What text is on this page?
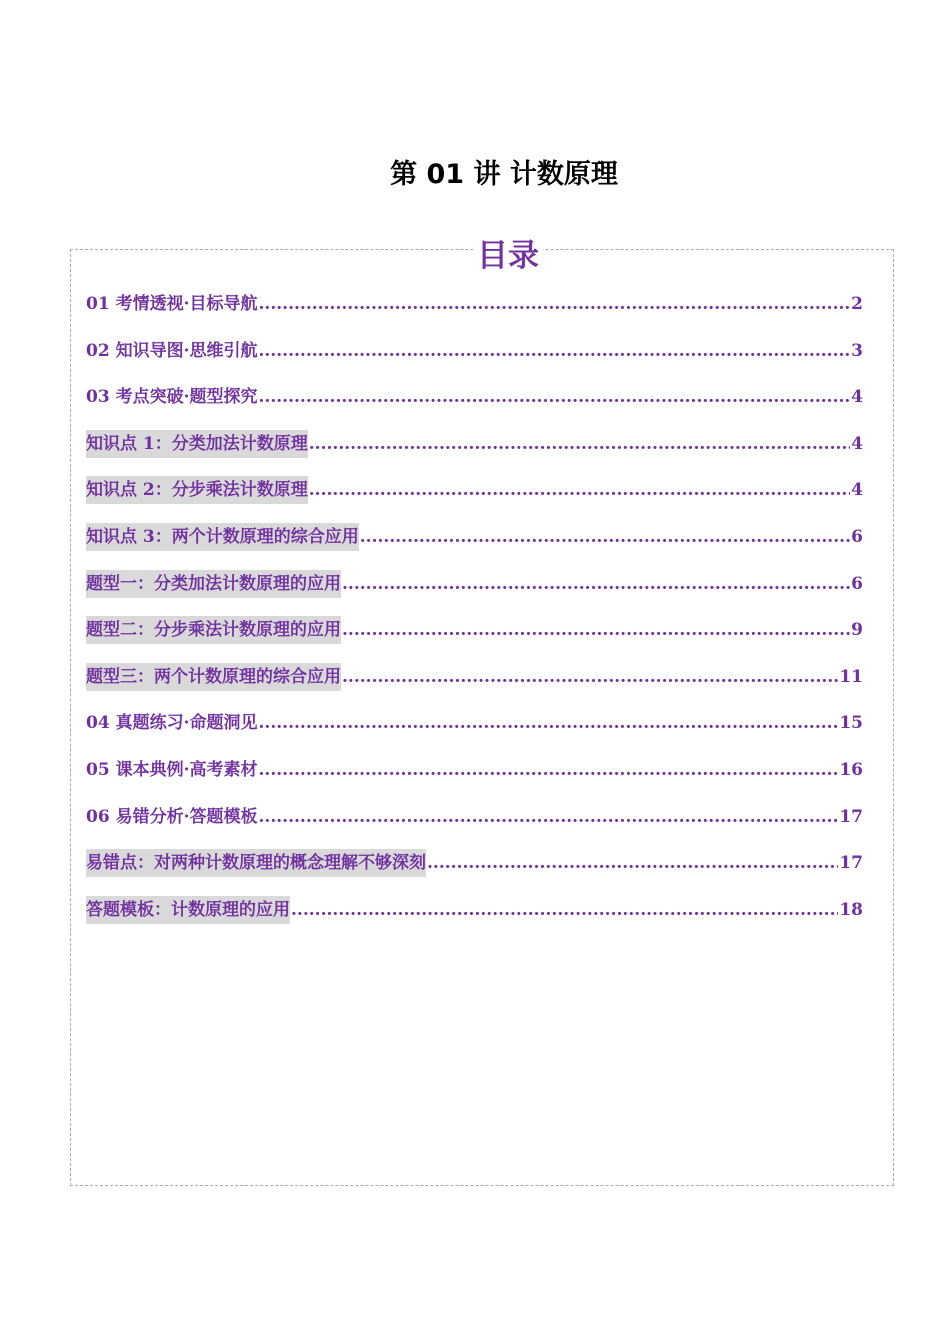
第 01 讲 计数原理
目录
01 考情透视·目标导航 .....	2
02 知识导图·思维引航 .....	3
03 考点突破·题型探究 .....	4
知识点 1：分类加法计数原理 .....	4
知识点 2：分步乘法计数原理 .....	4
知识点 3：两个计数原理的综合应用 .....	6
题型一：分类加法计数原理的应用 .....	6
题型二：分步乘法计数原理的应用 .....	9
题型三：两个计数原理的综合应用 .....	11
04 真题练习·命题洞见 .....	15
05 课本典例·高考素材 .....	16
06 易错分析·答题模板 .....	17
易错点：对两种计数原理的概念理解不够深刻 .....	17
答题模板：计数原理的应用 .....	18
